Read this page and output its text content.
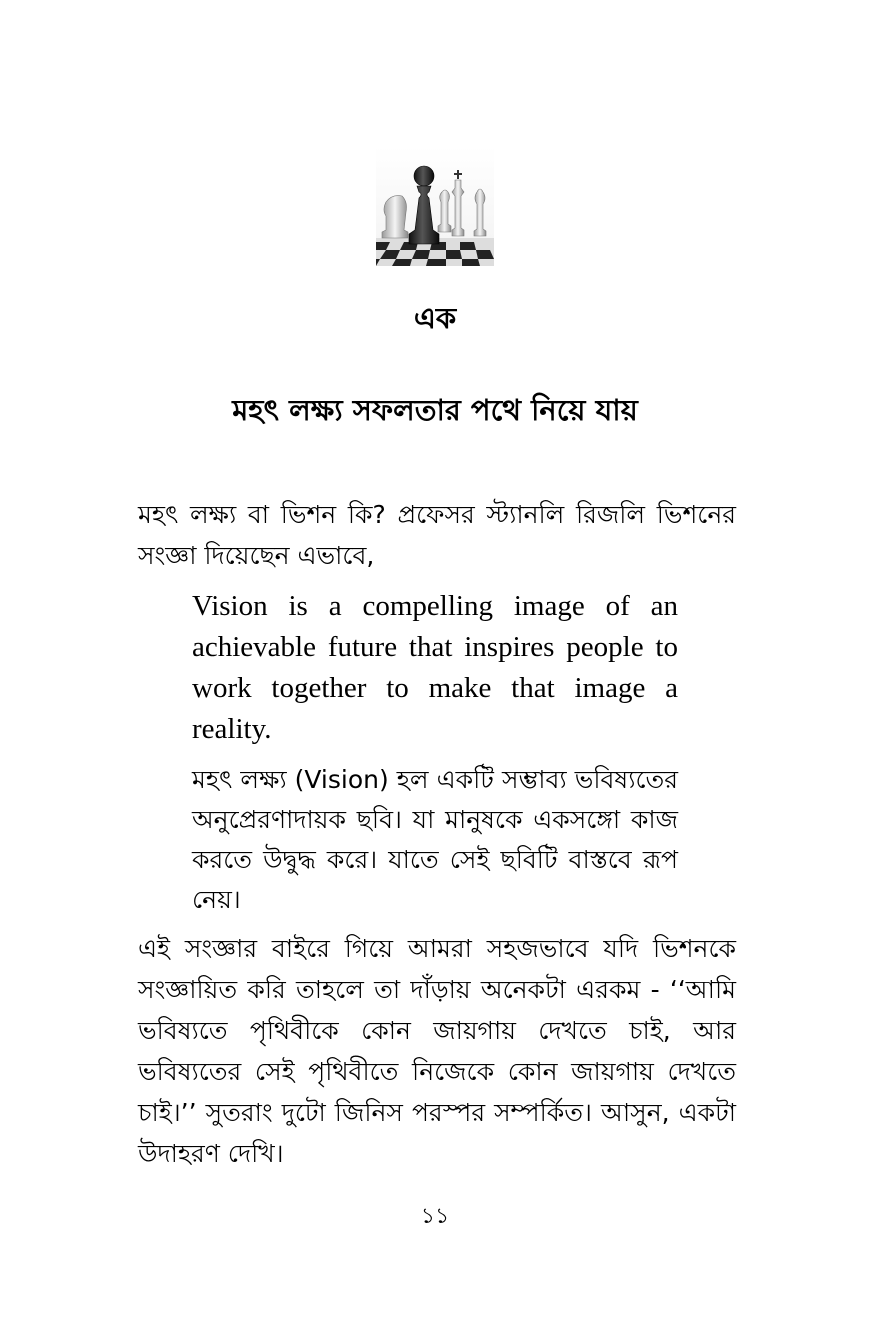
এক
মহৎ লক্ষ্য সফলতার পথে নিয়ে যায়
মহৎ লক্ষ্য বা ভিশন কি? প্রফেসর স্ট্যানলি রিজলি ভিশনের সংজ্ঞা দিয়েছেন এভাবে,
Vision is a compelling image of an achievable future that inspires people to work together to make that image a reality.
মহৎ লক্ষ্য (Vision) হল একটি সম্ভাব্য ভবিষ্যতের অনুপ্রেরণাদায়ক ছবি। যা মানুষকে একসঙ্গো কাজ করতে উদ্বুদ্ধ করে। যাতে সেই ছবিটি বাস্তবে রূপ নেয়।
এই সংজ্ঞার বাইরে গিয়ে আমরা সহজভাবে যদি ভিশনকে সংজ্ঞায়িত করি তাহলে তা দাঁড়ায় অনেকটা এরকম - ‘‘আমি ভবিষ্যতে পৃথিবীকে কোন জায়গায় দেখতে চাই, আর ভবিষ্যতের সেই পৃথিবীতে নিজেকে কোন জায়গায় দেখতে চাই।’’ সুতরাং দুটো জিনিস পরস্পর সম্পর্কিত। আসুন, একটা উদাহরণ দেখি।
১১
